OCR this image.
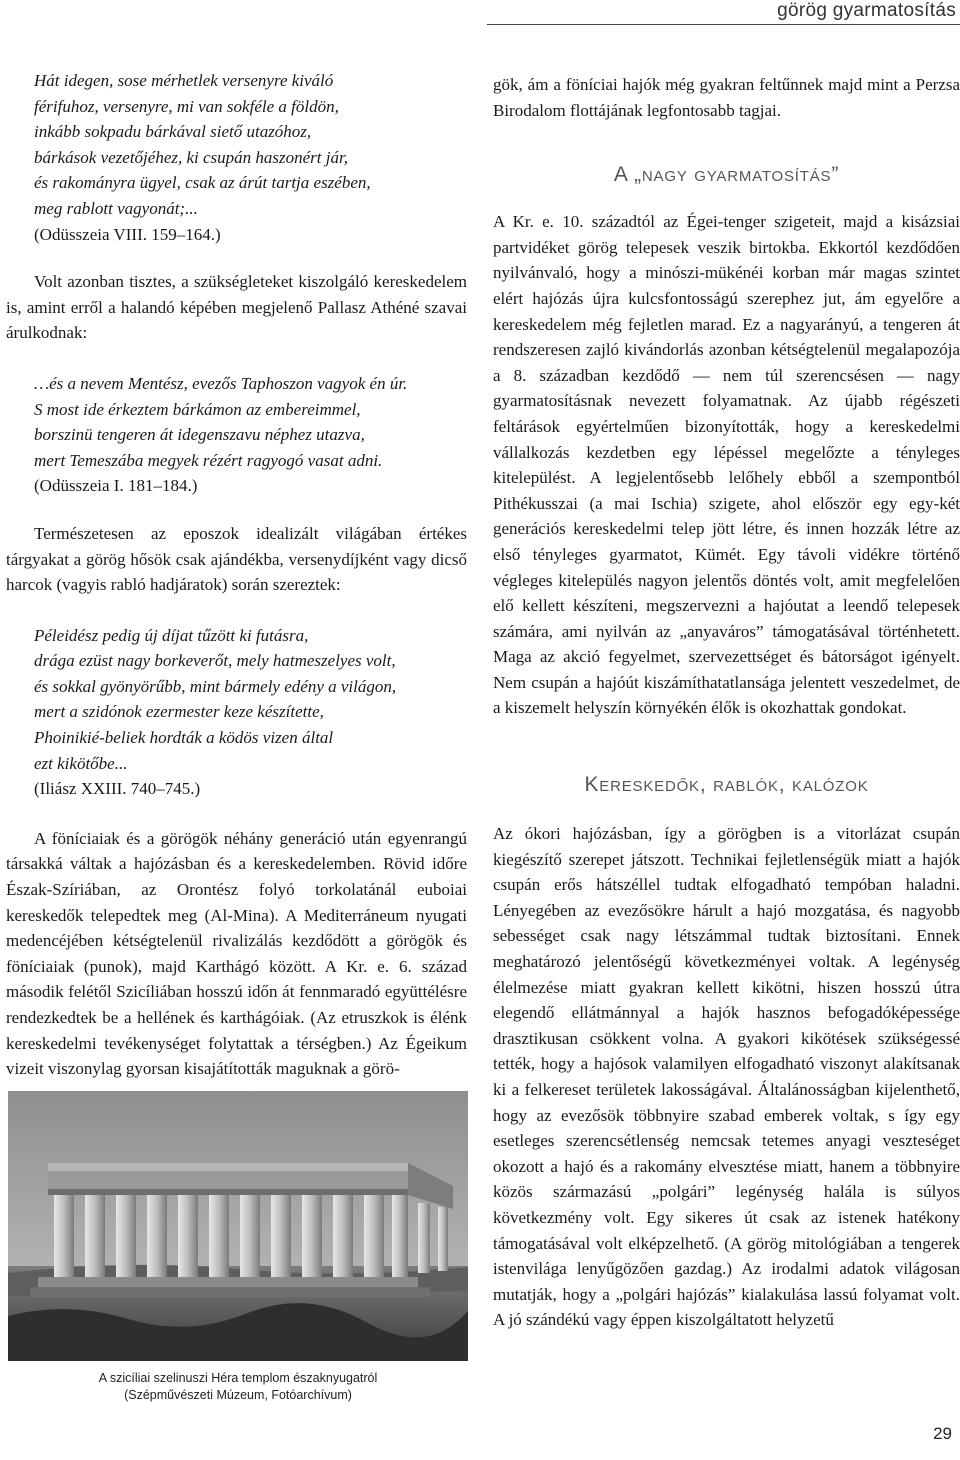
görög gyarmatosítás
Hát idegen, sose mérhetlek versenyre kiváló
férifuhoz, versenyre, mi van sokféle a földön,
inkább sokpadu bárkával siető utazóhoz,
bárkások vezetőjéhez, ki csupán haszonért jár,
és rakományra ügyel, csak az árút tartja eszében,
meg rablott vagyonát;...
(Odüsszeia VIII. 159–164.)

Volt azonban tisztes, a szükségleteket kiszolgáló kereskedelem is, amint erről a halandó képében megjelenő Pallasz Athéné szavai árulkodnak:

…és a nevem Mentész, evezős Taphoszon vagyok én úr.
S most ide érkeztem bárkámon az embereimmel,
borszinü tengeren át idegenszavu néphez utazva,
mert Temeszába megyek rézért ragyogó vasat adni.
(Odüsszeia I. 181–184.)

Természetesen az eposzok idealizált világában értékes tárgyakat a görög hősök csak ajándékba, versenydíjként vagy dicső harcok (vagyis rabló hadjáratok) során szereztek:

Péleidész pedig új díjat tűzött ki futásra,
drága ezüst nagy borkeverőt, mely hatmeszelyes volt,
és sokkal gyönyörűbb, mint bármely edény a világon,
mert a szidónok ezermester keze készítette,
Phoinikié-beliek hordták a ködös vizen által
ezt kikötőbe...
(Iliász XXIII. 740–745.)

A föníciaiak és a görögök néhány generáció után egyenrangú társakká váltak a hajózásban és a kereskedelemben. Rövid időre Észak-Szíriában, az Orontész folyó torkolatánál euboiai kereskedők telepedtek meg (Al-Mina). A Mediterráneum nyugati medencéjében kétségtelenül rivalizálás kezdődött a görögök és föníciaiak (punok), majd Karthágó között. A Kr. e. 6. század második felétől Szicíliában hosszú időn át fennmaradó együttélésre rendezkedtek be a hellének és karthágóiak. (Az etruszkok is élénk kereskedelmi tevékenységet folytattak a térségben.) Az Égeikum vizeit viszonylag gyorsan kisajátították maguknak a görö-

A szicíliai szelinuszi Héra templom északnyugatról
(Szépművészeti Múzeum, Fotóarchívum)

gök, ám a föníciai hajók még gyakran feltűnnek majd mint a Perzsa Birodalom flottájának legfontosabb tagjai.

A „nagy gyarmatosítás”

A Kr. e. 10. századtól az Égei-tenger szigeteit, majd a kisázsiai partvidéket görög telepesek veszik birtokba. Ekkortól kezdődően nyilvánvaló, hogy a minószi-mükénéi korban már magas szintet elért hajózás újra kulcsfontosságú szerephez jut, ám egyelőre a kereskedelem még fejletlen marad. Ez a nagyarányú, a tengeren át rendszeresen zajló kivándorlás azonban kétségtelenül megalapozója a 8. században kezdődő — nem túl szerencsésen — nagy gyarmatosításnak nevezett folyamatnak. Az újabb régészeti feltárások egyértelműen bizonyították, hogy a kereskedelmi vállalkozás kezdetben egy lépéssel megelőzte a tényleges kitelepülést. A legjelentősebb lelőhely ebből a szempontból Pithékusszai (a mai Ischia) szigete, ahol először egy egy-két generációs kereskedelmi telep jött létre, és innen hozzák létre az első tényleges gyarmatot, Kümét. Egy távoli vidékre történő végleges kitelepülés nagyon jelentős döntés volt, amit megfelelően elő kellett készíteni, megszervezni a hajóutat a leendő telepesek számára, ami nyilván az „anyaváros” támogatásával történhetett. Maga az akció fegyelmet, szervezettséget és bátorságot igényelt. Nem csupán a hajóút kiszámíthatatlansága jelentett veszedelmet, de a kiszemelt helyszín környékén élők is okozhattak gondokat.

Kereskedők, rablók, kalózok

Az ókori hajózásban, így a görögben is a vitorlázat csupán kiegészítő szerepet játszott. Technikai fejletlenségük miatt a hajók csupán erős hátszéllel tudtak elfogadható tempóban haladni. Lényegében az evezősökre hárult a hajó mozgatása, és nagyobb sebességet csak nagy létszámmal tudtak biztosítani. Ennek meghatározó jelentőségű következményei voltak. A legénység élelmezése miatt gyakran kellett kikötni, hiszen hosszú útra elegendő ellátmánnyal a hajók hasznos befogadóképessége drasztikusan csökkent volna. A gyakori kikötések szükségessé tették, hogy a hajósok valamilyen elfogadható viszonyt alakítsanak ki a felkereset területek lakosságával. Általánosságban kijelenthető, hogy az evezősök többnyire szabad emberek voltak, s így egy esetleges szerencsétlenség nemcsak tetemes anyagi veszteséget okozott a hajó és a rakomány elvesztése miatt, hanem a többnyire közös származású „polgári” legénység halála is súlyos következmény volt. Egy sikeres út csak az istenek hatékony támogatásával volt elképzelhető. (A görög mitológiában a tengerek istenvilága lenyűgözően gazdag.) Az irodalmi adatok világosan mutatják, hogy a „polgári hajózás” kialakulása lassú folyamat volt. A jó szándékú vagy éppen kiszolgáltatott helyzetű

29
